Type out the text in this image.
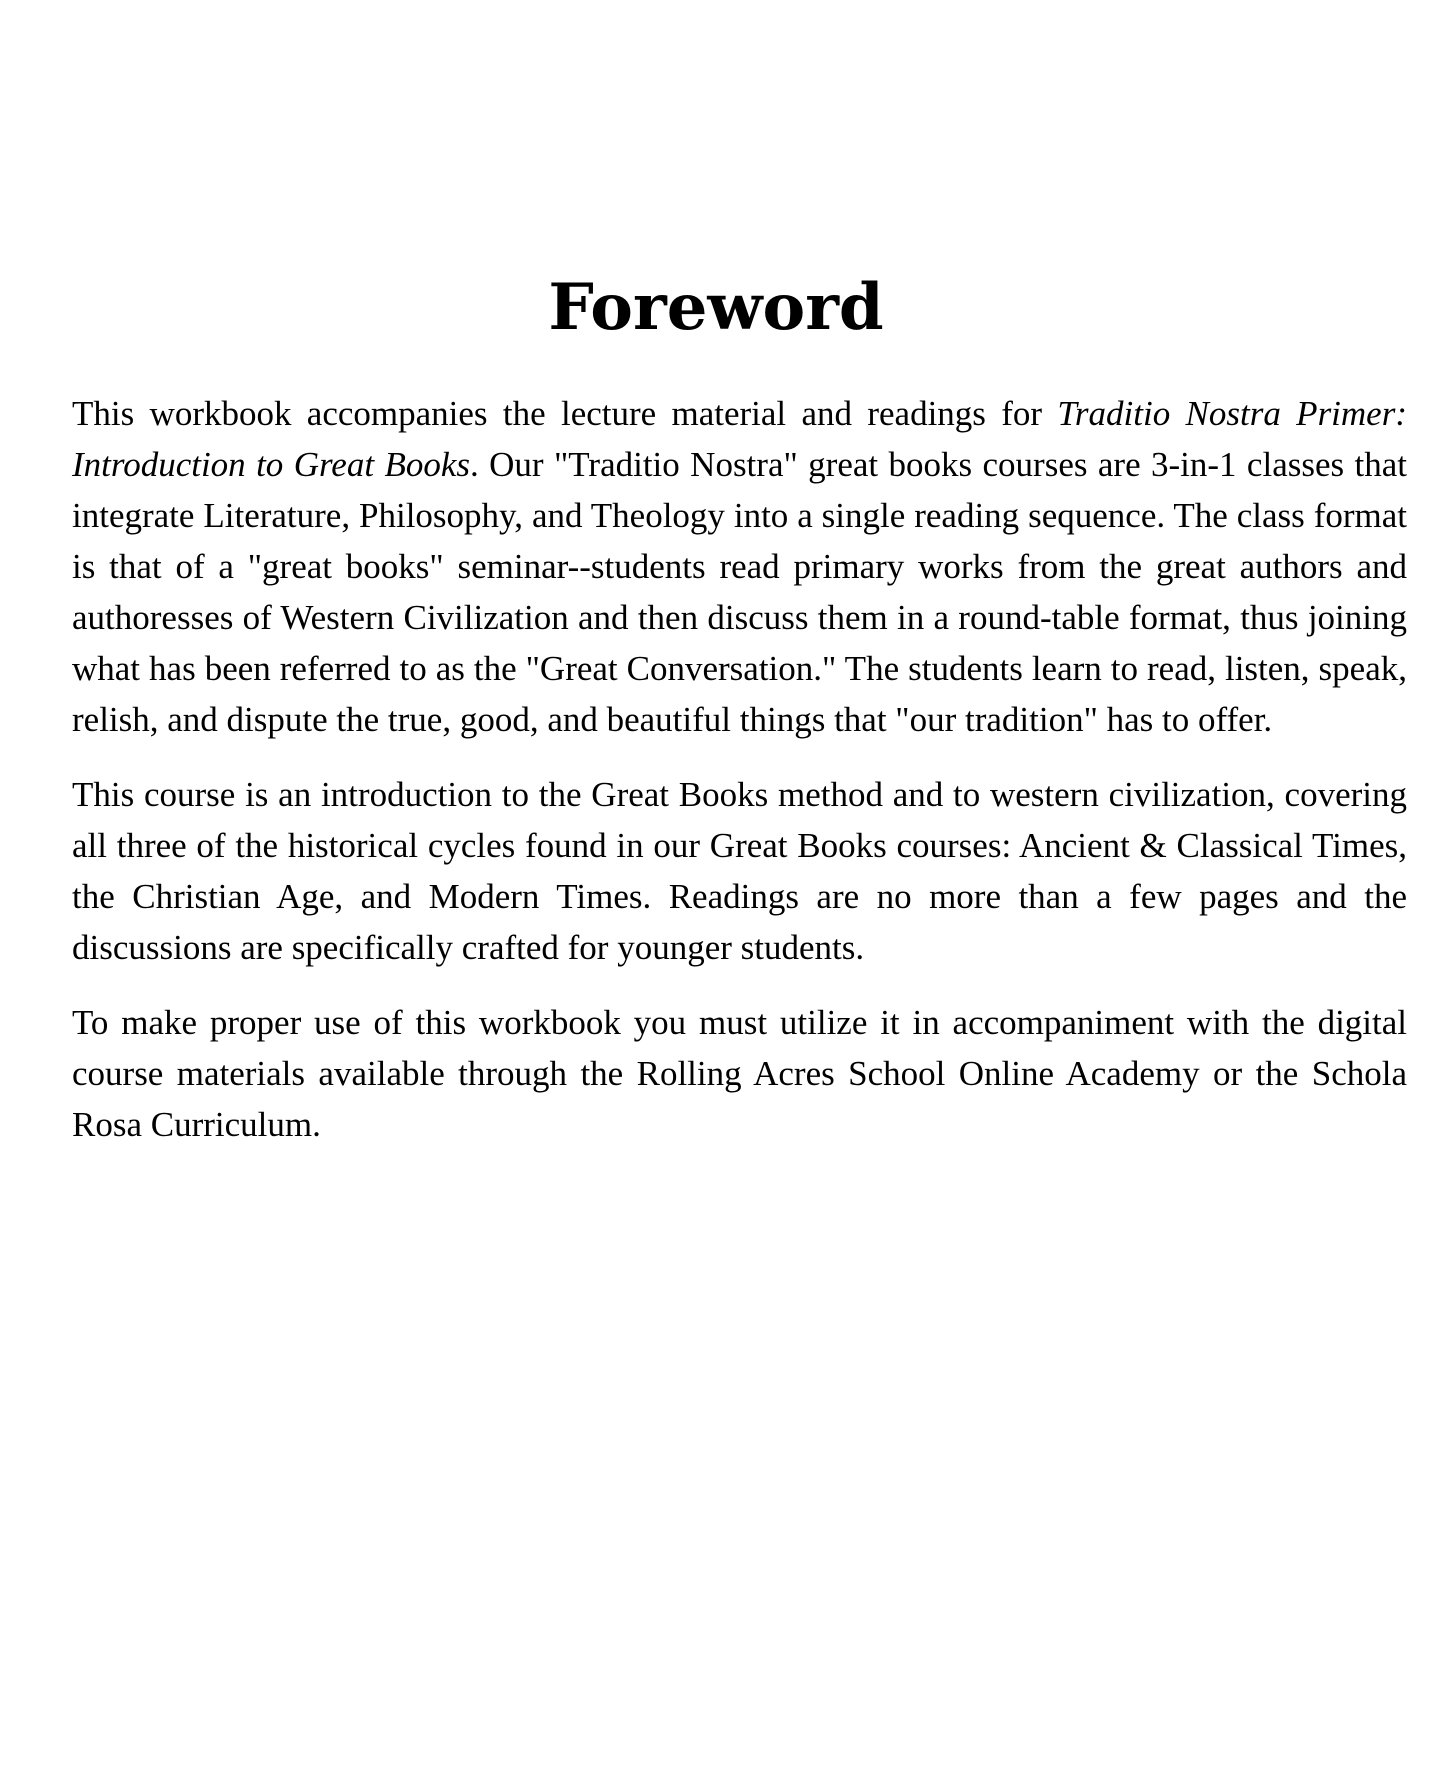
Foreword

This workbook accompanies the lecture material and readings for Traditio Nostra Primer: Introduction to Great Books. Our "Traditio Nostra" great books courses are 3-in-1 classes that integrate Literature, Philosophy, and Theology into a single reading sequence. The class format is that of a "great books" seminar--students read primary works from the great authors and authoresses of Western Civilization and then discuss them in a round-table format, thus joining what has been referred to as the "Great Conversation." The students learn to read, listen, speak, relish, and dispute the true, good, and beautiful things that "our tradition" has to offer.

This course is an introduction to the Great Books method and to western civilization, covering all three of the historical cycles found in our Great Books courses: Ancient & Classical Times, the Christian Age, and Modern Times. Readings are no more than a few pages and the discussions are specifically crafted for younger students.

To make proper use of this workbook you must utilize it in accompaniment with the digital course materials available through the Rolling Acres School Online Academy or the Schola Rosa Curriculum.
